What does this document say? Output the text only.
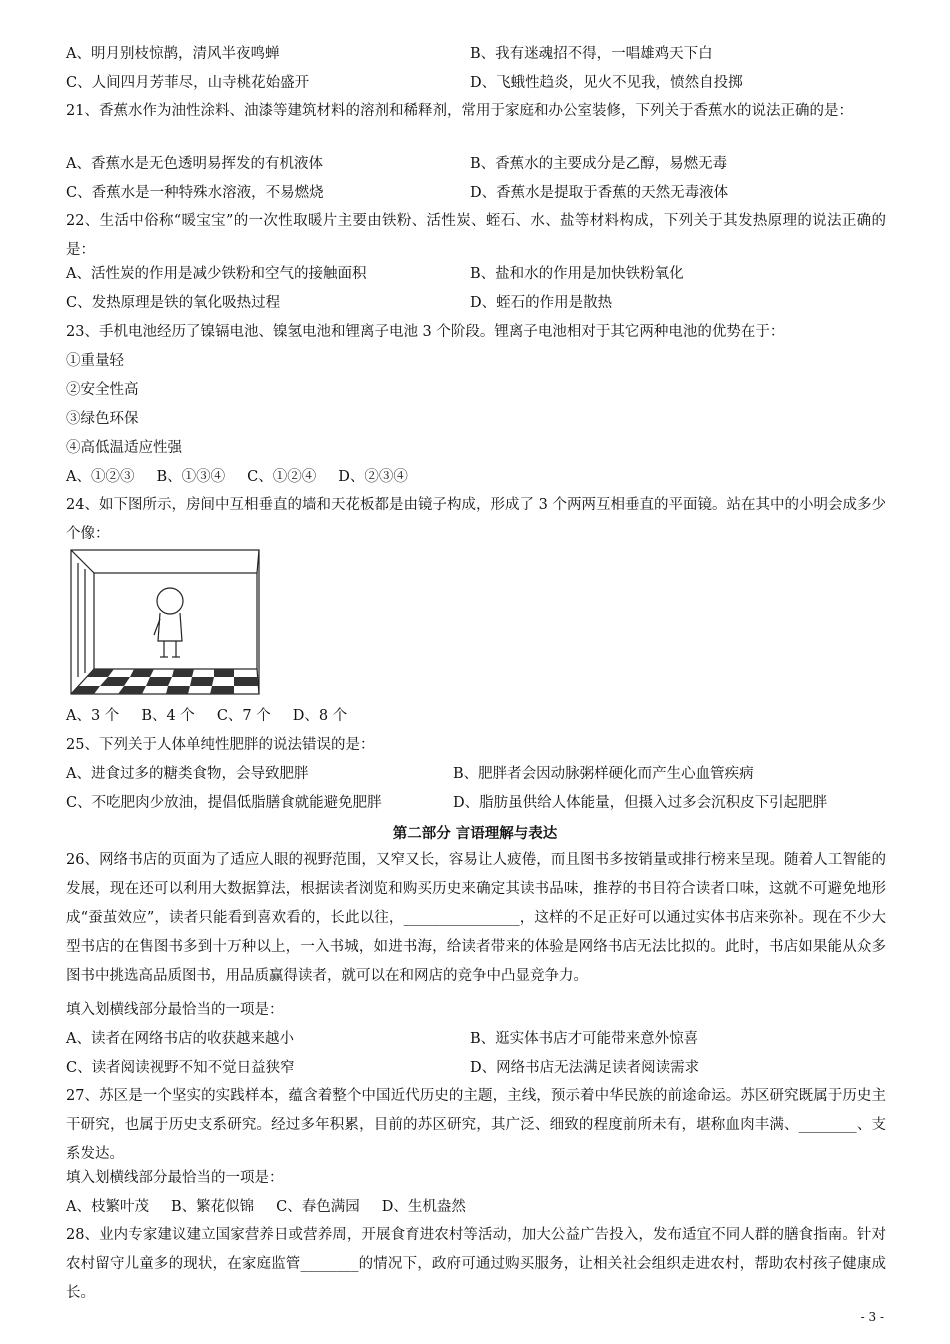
A、明月别枝惊鹊，清风半夜鸣蝉	B、我有迷魂招不得，一唱雄鸡天下白
C、人间四月芳菲尽，山寺桃花始盛开	D、飞蛾性趋炎，见火不见我，愤然自投掷
21、香蕉水作为油性涂料、油漆等建筑材料的溶剂和稀释剂，常用于家庭和办公室装修，下列关于香蕉水的说法正确的是：
A、香蕉水是无色透明易挥发的有机液体	B、香蕉水的主要成分是乙醇，易燃无毒
C、香蕉水是一种特殊水溶液，不易燃烧	D、香蕉水是提取于香蕉的天然无毒液体
22、生活中俗称“暖宝宝”的一次性取暖片主要由铁粉、活性炭、蛭石、水、盐等材料构成，下列关于其发热原理的说法正确的是：
A、活性炭的作用是减少铁粉和空气的接触面积	B、盐和水的作用是加快铁粉氧化
C、发热原理是铁的氧化吸热过程	D、蛭石的作用是散热
23、手机电池经历了镍镉电池、镍氢电池和锂离子电池 3 个阶段。锂离子电池相对于其它两种电池的优势在于：
①重量轻
②安全性高
③绿色环保
④高低温适应性强
A、①②③ B、①③④ C、①②④ D、②③④
24、如下图所示，房间中互相垂直的墙和天花板都是由镜子构成，形成了 3 个两两互相垂直的平面镜。站在其中的小明会成多少个像：
A、3 个 B、4 个 C、7 个 D、8 个
25、下列关于人体单纯性肥胖的说法错误的是：
A、进食过多的糖类食物，会导致肥胖	B、肥胖者会因动脉粥样硬化而产生心血管疾病
C、不吃肥肉少放油，提倡低脂膳食就能避免肥胖	D、脂肪虽供给人体能量，但摄入过多会沉积皮下引起肥胖
第二部分 言语理解与表达
26、网络书店的页面为了适应人眼的视野范围，又窄又长，容易让人疲倦，而且图书多按销量或排行榜来呈现。随着人工智能的发展，现在还可以利用大数据算法，根据读者浏览和购买历史来确定其读书品味，推荐的书目符合读者口味，这就不可避免地形成“蚕茧效应”，读者只能看到喜欢看的，长此以往，________________，这样的不足正好可以通过实体书店来弥补。现在不少大型书店的在售图书多到十万种以上，一入书城，如进书海，给读者带来的体验是网络书店无法比拟的。此时，书店如果能从众多图书中挑选高品质图书，用品质赢得读者，就可以在和网店的竞争中凸显竞争力。
填入划横线部分最恰当的一项是：
A、读者在网络书店的收获越来越小	B、逛实体书店才可能带来意外惊喜
C、读者阅读视野不知不觉日益狭窄	D、网络书店无法满足读者阅读需求
27、苏区是一个坚实的实践样本，蕴含着整个中国近代历史的主题，主线，预示着中华民族的前途命运。苏区研究既属于历史主干研究，也属于历史支系研究。经过多年积累，目前的苏区研究，其广泛、细致的程度前所未有，堪称血肉丰满、________、支系发达。
填入划横线部分最恰当的一项是：
A、枝繁叶茂 B、繁花似锦 C、春色满园 D、生机盎然
28、业内专家建议建立国家营养日或营养周，开展食育进农村等活动，加大公益广告投入，发布适宜不同人群的膳食指南。针对农村留守儿童多的现状，在家庭监管________的情况下，政府可通过购买服务，让相关社会组织走进农村，帮助农村孩子健康成长。
- 3 -
